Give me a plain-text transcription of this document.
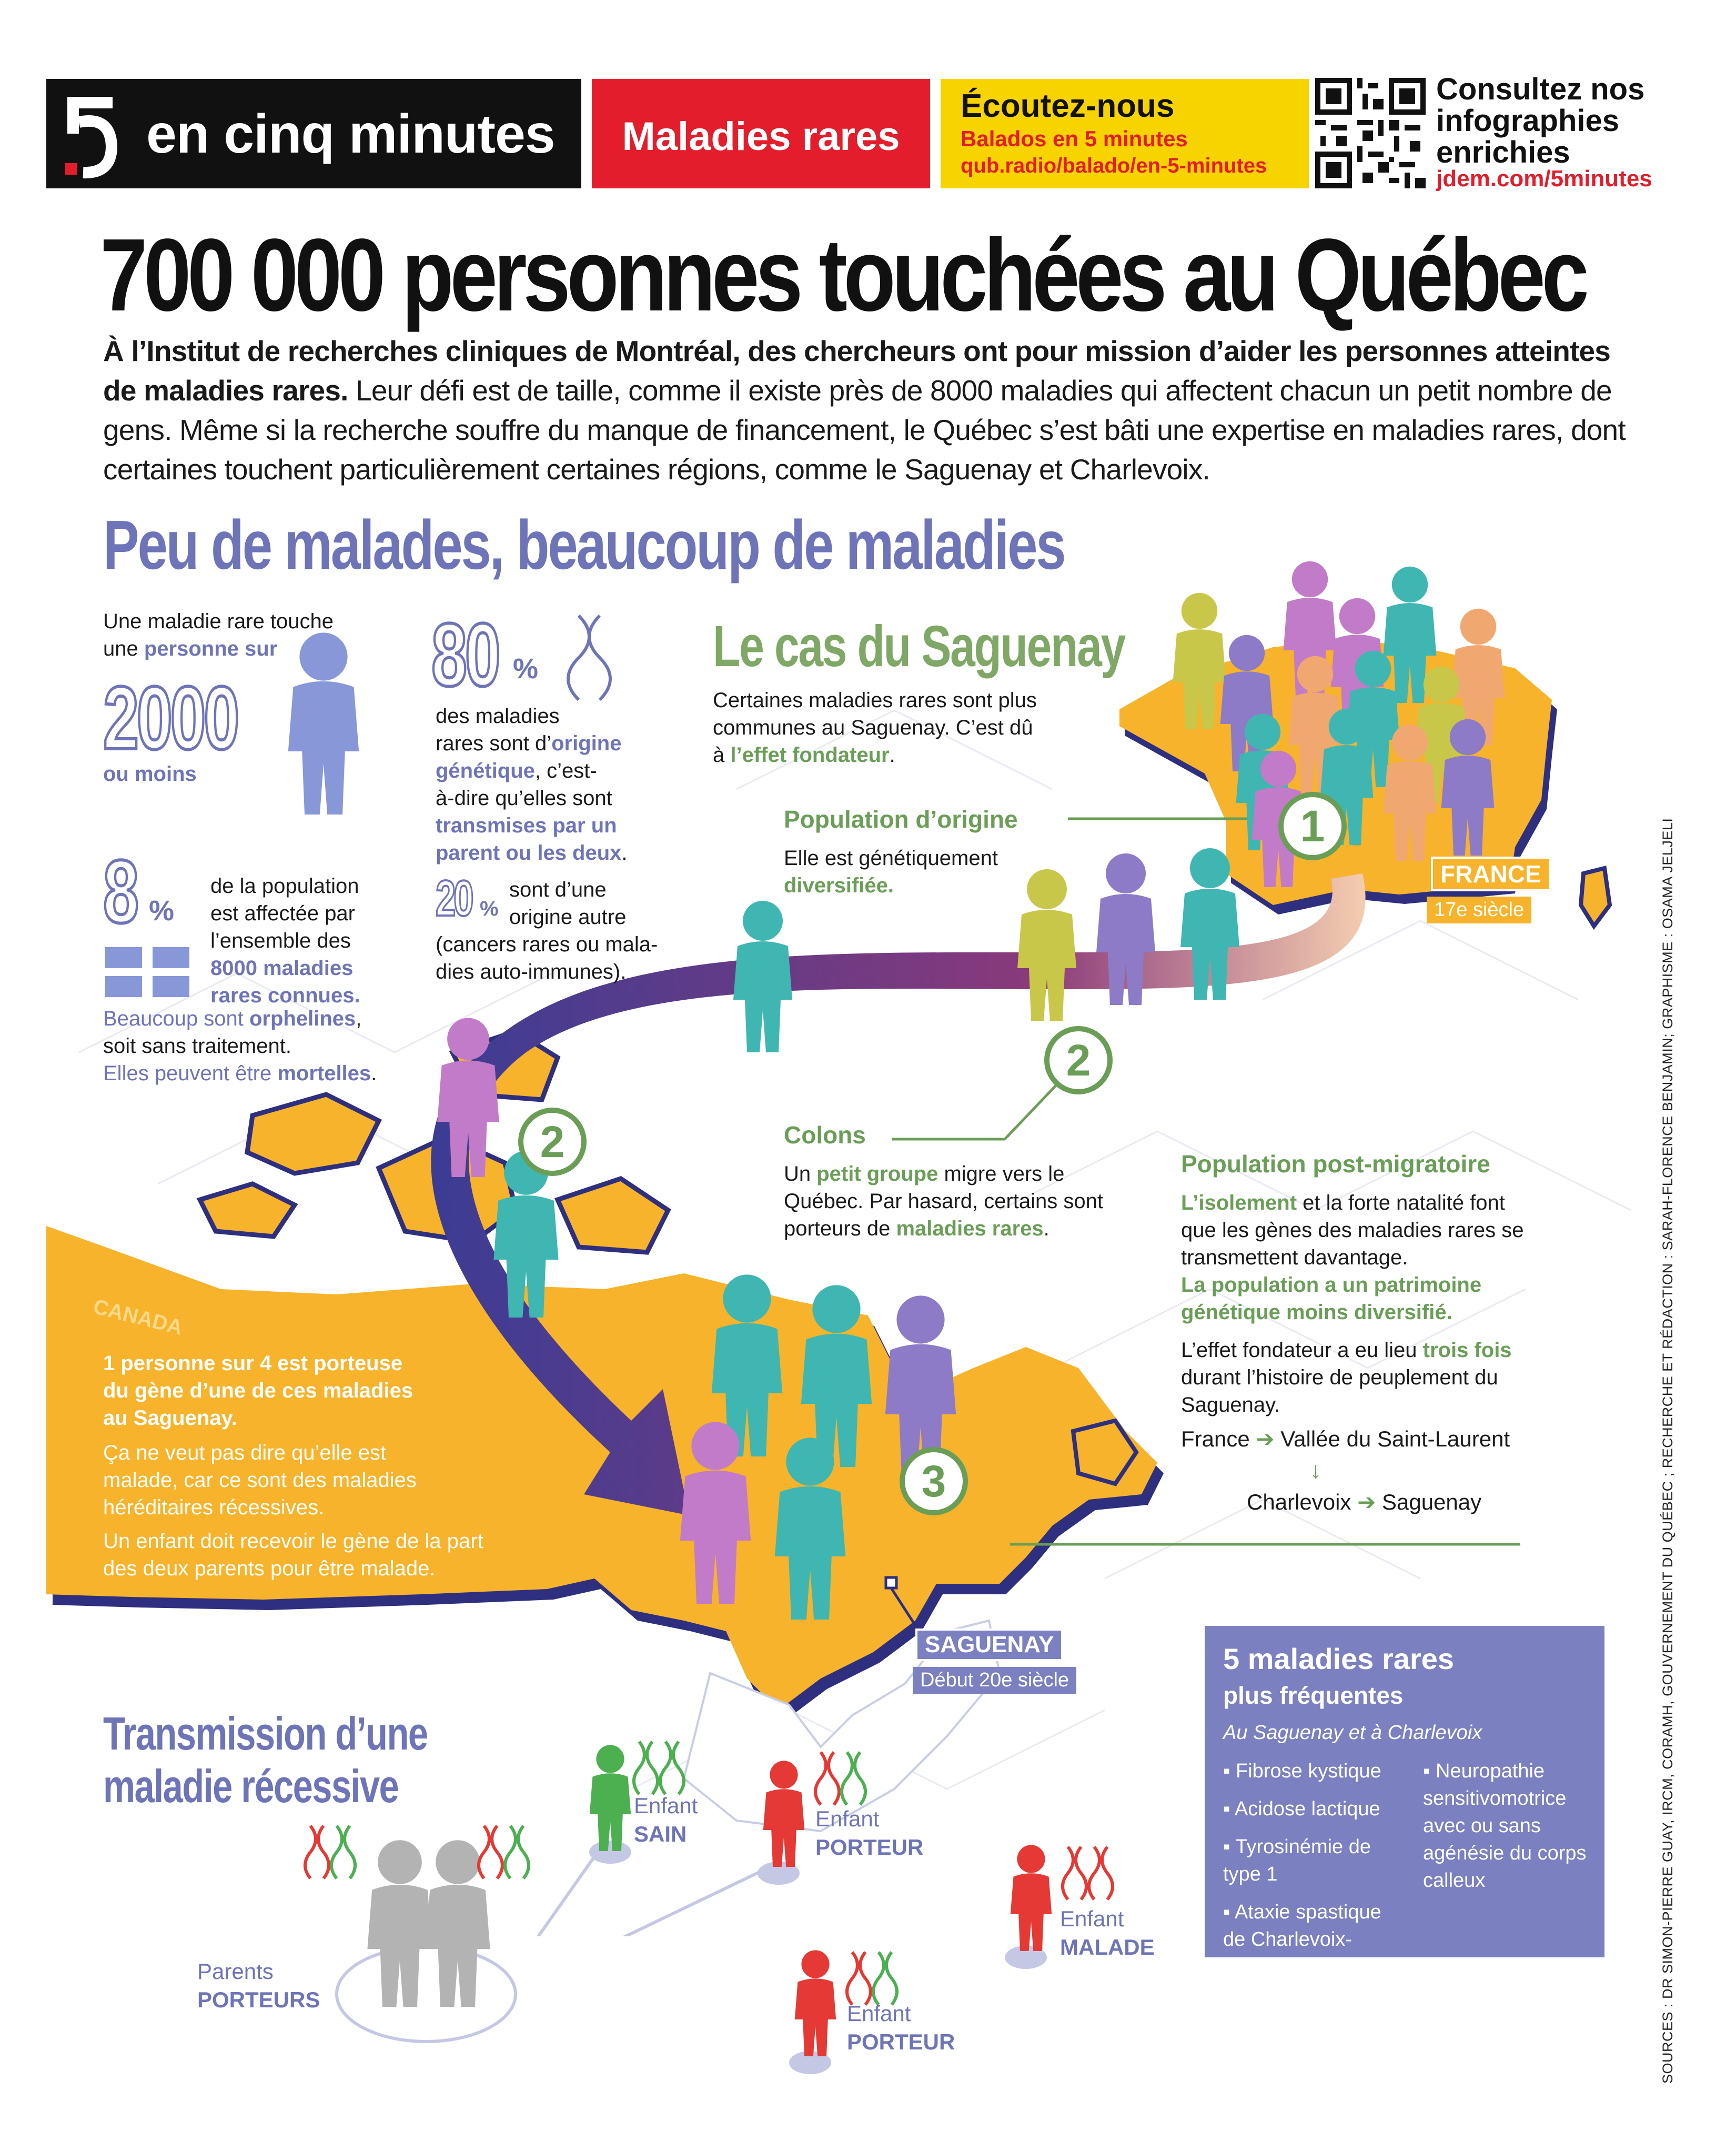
en cinq minutes	Maladies rares
Écoutez-nous
Balados en 5 minutes
qub.radio/balado/en-5-minutes
Consultez nos
infographies
enrichies
jdem.com/5minutes
700 000 personnes touchées au Québec
À l’Institut de recherches cliniques de Montréal, des chercheurs ont pour mission d’aider les personnes atteintes de maladies rares. Leur défi est de taille, comme il existe près de 8000 maladies qui affectent chacun un petit nombre de gens. Même si la recherche souffre du manque de financement, le Québec s’est bâti une expertise en maladies rares, dont certaines touchent particulièrement certaines régions, comme le Saguenay et Charlevoix.
Peu de malades, beaucoup de maladies
CANADA
Une maladie rare touche
une personne sur
2000
ou moins
80 %
des maladies
rares sont d’origine
génétique, c’est-
à-dire qu’elles sont
transmises par un
parent ou les deux.
20 %
sont d’une
origine autre
(cancers rares ou mala-
dies auto-immunes).
8 %
de la population
est affectée par
l’ensemble des
8000 maladies
rares connues.
Beaucoup sont orphelines,
soit sans traitement.
Elles peuvent être mortelles.
Le cas du Saguenay
Certaines maladies rares sont plus
communes au Saguenay. C’est dû
à l’effet fondateur.
Population d’origine
Elle est génétiquement
diversifiée.
1
FRANCE
17e siècle
2
2	Colons
Un petit groupe migre vers le
Québec. Par hasard, certains sont
porteurs de maladies rares.
Population post-migratoire
L’isolement et la forte natalité font
que les gènes des maladies rares se
transmettent davantage.
La population a un patrimoine
génétique moins diversifié.
L’effet fondateur a eu lieu trois fois
durant l’histoire de peuplement du
Saguenay.
France ➔ Vallée du Saint-Laurent
↓
Charlevoix ➔ Saguenay
3
SAGUENAY
Début 20e siècle
1 personne sur 4 est porteuse
du gène d’une de ces maladies
au Saguenay.
Ça ne veut pas dire qu’elle est
malade, car ce sont des maladies
héréditaires récessives.
Un enfant doit recevoir le gène de la part
des deux parents pour être malade.
Transmission d’une
maladie récessive
Parents
PORTEURS
Enfant
SAIN
Enfant
PORTEUR
Enfant
MALADE
Enfant
PORTEUR
5 maladies rares
plus fréquentes
Au Saguenay et à Charlevoix
▪ Fibrose kystique
▪ Acidose lactique
▪ Tyrosinémie de type 1
▪ Ataxie spastique de Charlevoix-Saguenay
▪ Neuropathie sensitivomotrice avec ou sans agénésie du corps calleux	SOURCES : DR SIMON-PIERRE GUAY, IRCM, CORAMH, GOUVERNEMENT DU QUÉBEC ; RECHERCHE ET RÉDACTION : SARAH-FLORENCE BENJAMIN; GRAPHISME : OSAMA JELJELI
